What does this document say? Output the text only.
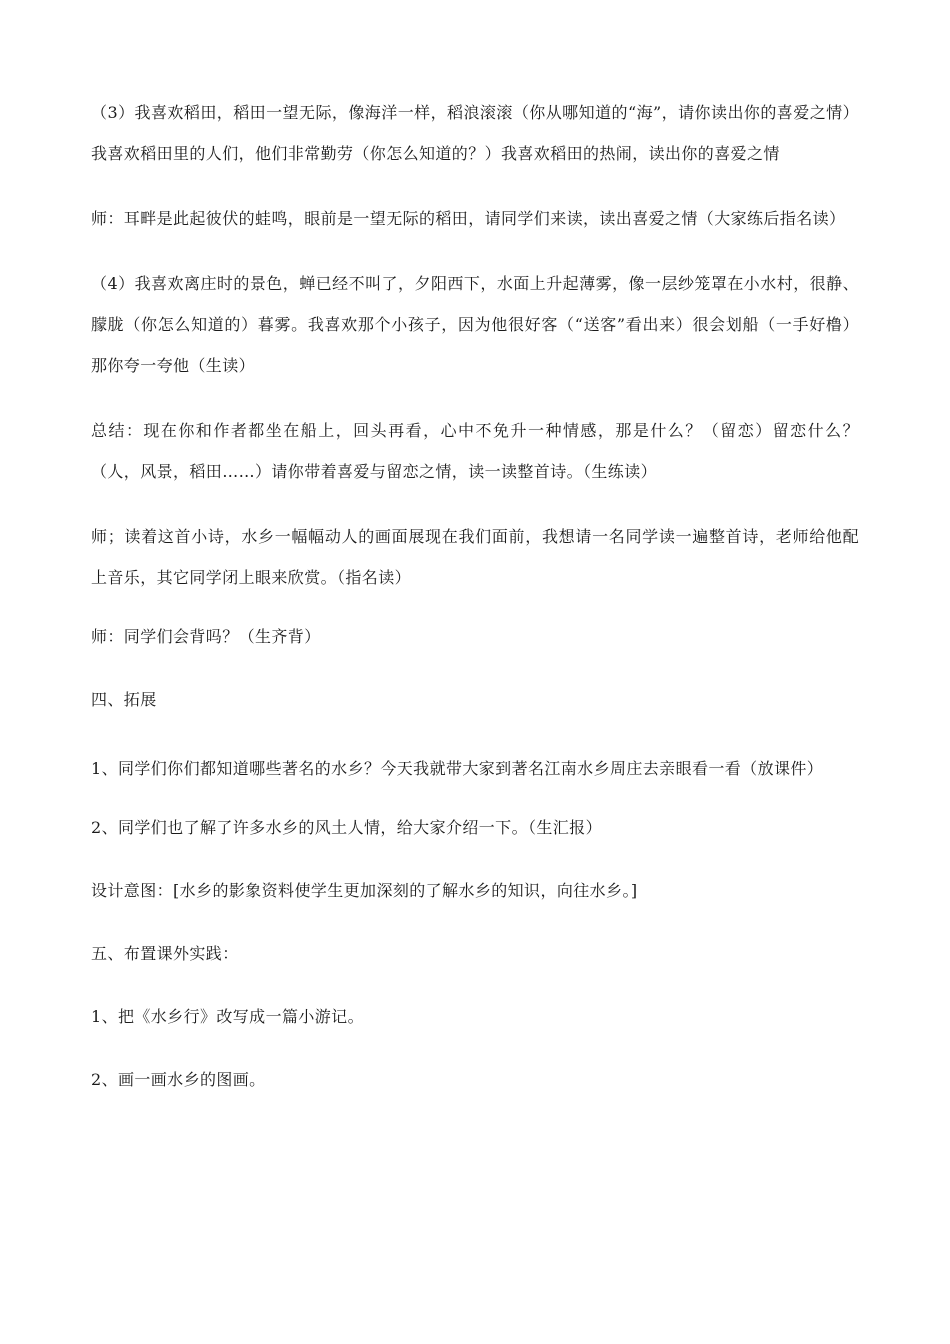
（3）我喜欢稻田，稻田一望无际，像海洋一样，稻浪滚滚（你从哪知道的“海”，请你读出你的喜爱之情）我喜欢稻田里的人们，他们非常勤劳（你怎么知道的？）我喜欢稻田的热闹，读出你的喜爱之情

师：耳畔是此起彼伏的蛙鸣，眼前是一望无际的稻田，请同学们来读，读出喜爱之情（大家练后指名读）

（4）我喜欢离庄时的景色，蝉已经不叫了，夕阳西下，水面上升起薄雾，像一层纱笼罩在小水村，很静、朦胧（你怎么知道的）暮雾。我喜欢那个小孩子，因为他很好客（“送客”看出来）很会划船（一手好橹）那你夸一夸他（生读）

总结：现在你和作者都坐在船上，回头再看，心中不免升一种情感，那是什么？（留恋）留恋什么？（人，风景，稻田……）请你带着喜爱与留恋之情，读一读整首诗。（生练读）

师；读着这首小诗，水乡一幅幅动人的画面展现在我们面前，我想请一名同学读一遍整首诗，老师给他配上音乐，其它同学闭上眼来欣赏。（指名读）

师：同学们会背吗？（生齐背）

四、拓展

1、同学们你们都知道哪些著名的水乡？今天我就带大家到著名江南水乡周庄去亲眼看一看（放课件）

2、同学们也了解了许多水乡的风土人情，给大家介绍一下。（生汇报）

设计意图：[水乡的影象资料使学生更加深刻的了解水乡的知识，向往水乡。]

五、布置课外实践：

1、把《水乡行》改写成一篇小游记。

2、画一画水乡的图画。
